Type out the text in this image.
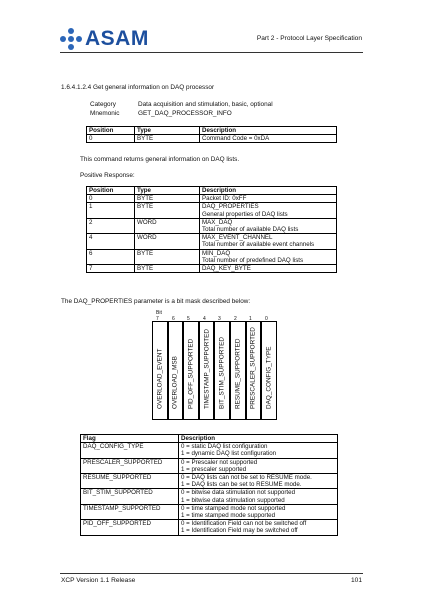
ASAM	Part 2 - Protocol Layer Specification
1.6.4.1.2.4 Get general information on DAQ processor
Category	Data acquisition and stimulation, basic, optional
Mnemonic	GET_DAQ_PROCESSOR_INFO
Position	Type	Description
0	BYTE	Command Code = 0xDA
This command returns general information on DAQ lists.
Positive Response:
Position	Type	Description
0	BYTE	Packet ID: 0xFF

1	BYTE	DAQ_PROPERTIES
General properties of DAQ lists

2	WORD	MAX_DAQ
Total number of available DAQ lists

4	WORD	MAX_EVENT_CHANNEL
Total number of available event channels

6	BYTE	MIN_DAQ
Total number of predefined DAQ lists

7	BYTE	DAQ_KEY_BYTE
The DAQ_PROPERTIES parameter is a bit mask described below:
Bit
7	6 5	4 3	2 1	0
OVERLOAD_EVENT OVERLOAD_MSB PID_OFF_SUPPORTED TIMESTAMP_SUPPORTED BIT_STIM_SUPPORTED RESUME_SUPPORTED PRESCALER_SUPPORTED DAQ_CONFIG_TYPE
Flag	Description
DAQ_CONFIG_TYPE	0 = static DAQ list configuration
1 = dynamic DAQ list configuration

PRESCALER_SUPPORTED	0 = Prescaler not supported
1 = prescaler supported

RESUME_SUPPORTED	0 = DAQ lists can not be set to RESUME mode.
1 = DAQ lists can be set to RESUME mode.

BIT_STIM_SUPPORTED	0 = bitwise data stimulation not supported
1 = bitwise data stimulation supported

TIMESTAMP_SUPPORTED	0 = time stamped mode not supported
1 = time stamped mode supported

PID_OFF_SUPPORTED	0 = Identification Field can not be switched off
1 = Identification Field may be switched off
XCP Version 1.1 Release	101
